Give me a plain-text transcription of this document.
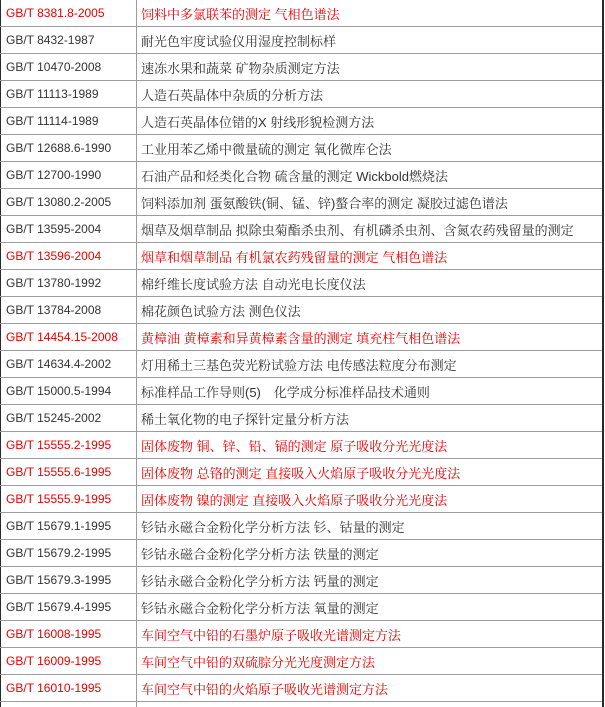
GB/T 8381.8-2005	饲料中多氯联苯的测定 气相色谱法
GB/T 8432-1987	耐光色牢度试验仪用湿度控制标样
GB/T 10470-2008	速冻水果和蔬菜 矿物杂质测定方法
GB/T 11113-1989	人造石英晶体中杂质的分析方法
GB/T 11114-1989	人造石英晶体位错的X 射线形貌检测方法
GB/T 12688.6-1990	工业用苯乙烯中微量硫的测定 氧化微库仑法
GB/T 12700-1990	石油产品和烃类化合物 硫含量的测定 Wickbold燃烧法
GB/T 13080.2-2005	饲料添加剂 蛋氨酸铁(铜、锰、锌)螯合率的测定 凝胶过滤色谱法
GB/T 13595-2004	烟草及烟草制品 拟除虫菊酯杀虫剂、有机磷杀虫剂、含氮农药残留量的测定
GB/T 13596-2004	烟草和烟草制品 有机氯农药残留量的测定 气相色谱法
GB/T 13780-1992	棉纤维长度试验方法 自动光电长度仪法
GB/T 13784-2008	棉花颜色试验方法 测色仪法
GB/T 14454.15-2008	黄樟油 黄樟素和异黄樟素含量的测定 填充柱气相色谱法
GB/T 14634.4-2002	灯用稀土三基色荧光粉试验方法 电传感法粒度分布测定
GB/T 15000.5-1994	标准样品工作导则(5)　化学成分标准样品技术通则
GB/T 15245-2002	稀土氧化物的电子探针定量分析方法
GB/T 15555.2-1995	固体废物 铜、锌、铅、镉的测定 原子吸收分光光度法
GB/T 15555.6-1995	固体废物 总铬的测定 直接吸入火焰原子吸收分光光度法
GB/T 15555.9-1995	固体废物 镍的测定 直接吸入火焰原子吸收分光光度法
GB/T 15679.1-1995	钐钴永磁合金粉化学分析方法 钐、钴量的测定
GB/T 15679.2-1995	钐钴永磁合金粉化学分析方法 铁量的测定
GB/T 15679.3-1995	钐钴永磁合金粉化学分析方法 钙量的测定
GB/T 15679.4-1995	钐钴永磁合金粉化学分析方法 氧量的测定
GB/T 16008-1995	车间空气中铅的石墨炉原子吸收光谱测定方法
GB/T 16009-1995	车间空气中铅的双硫腙分光光度测定方法
GB/T 16010-1995	车间空气中铅的火焰原子吸收光谱测定方法
